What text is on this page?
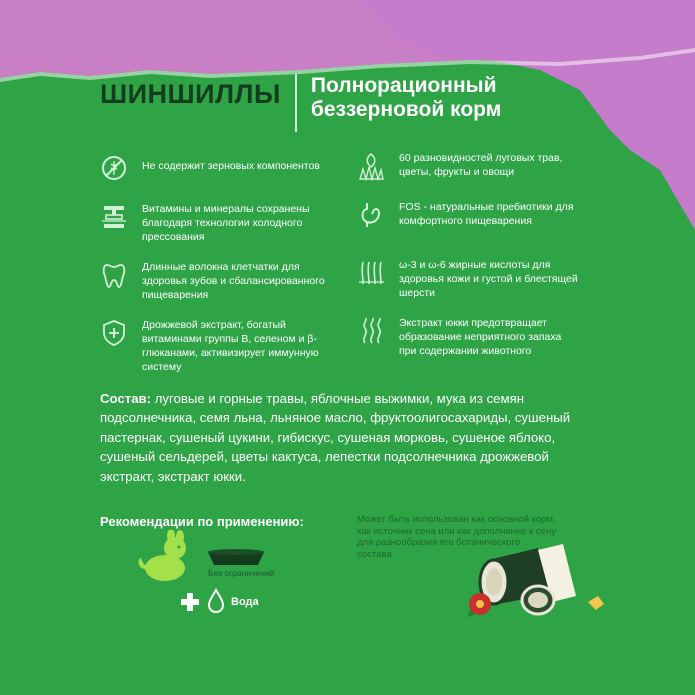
ШИНШИЛЛЫ Полнорационный беззерновой корм
Не содержит зерновых компонентов
60 разновидностей луговых трав, цветы, фрукты и овощи
Витамины и минералы сохранены благодаря технологии холодного прессования
FOS - натуральные пребиотики для комфортного пищеварения
Длинные волокна клетчатки для здоровья зубов и сбалансированного пищеварения
ω-3 и ω-6 жирные кислоты для здоровья кожи и густой и блестящей шерсти
Дрожжевой экстракт, богатый витаминами группы B, селеном и β-глюканами, активизирует иммунную систему
Экстракт юкки предотвращает образование неприятного запаха при содержании животного
Состав: луговые и горные травы, яблочные выжимки, мука из семян подсолнечника, семя льна, льняное масло, фруктоолигосахариды, сушеный пастернак, сушеный цукини, гибискус, сушеная морковь, сушеное яблоко, сушеный сельдерей, цветы кактуса, лепестки подсолнечника дрожжевой экстракт, экстракт юкки.
Рекомендации по применению:
Без ограничений
Вода
Может быть использован как основной корм, как источник сена или как дополнение к сену для разнообразия его ботанического состава
